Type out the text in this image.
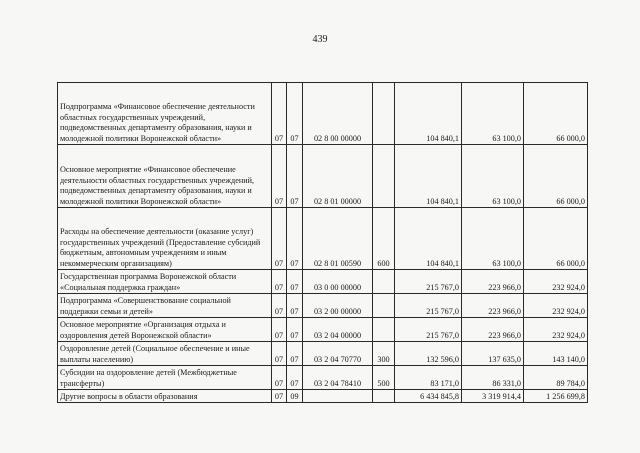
439
Подпрограмма «Финансовое обеспечение деятельности областных государственных учреждений, подведомственных департаменту образования, науки и молодежной политики Воронежской области»	07	07	02 8 00 00000		104 840,1	63 100,0	66 000,0
Основное мероприятие «Финансовое обеспечение деятельности областных государственных учреждений, подведомственных департаменту образования, науки и молодежной политики Воронежской области»	07	07	02 8 01 00000		104 840,1	63 100,0	66 000,0
Расходы на обеспечение деятельности (оказание услуг) государственных учреждений (Предоставление субсидий бюджетным, автономным учреждениям и иным некоммерческим организациям)	07	07	02 8 01 00590	600	104 840,1	63 100,0	66 000,0
Государственная программа Воронежской области «Социальная поддержка граждан»	07	07	03 0 00 00000		215 767,0	223 966,0	232 924,0
Подпрограмма «Совершенствование социальной поддержки семьи и детей»	07	07	03 2 00 00000		215 767,0	223 966,0	232 924,0
Основное мероприятие «Организация отдыха и оздоровления детей Воронежской области»	07	07	03 2 04 00000		215 767,0	223 966,0	232 924,0
Оздоровление детей (Социальное обеспечение и иные выплаты населению)	07	07	03 2 04 70770	300	132 596,0	137 635,0	143 140,0
Субсидии на оздоровление детей (Межбюджетные трансферты)	07	07	03 2 04 78410	500	83 171,0	86 331,0	89 784,0
Другие вопросы в области образования	07	09			6 434 845,8	3 319 914,4	1 256 699,8
